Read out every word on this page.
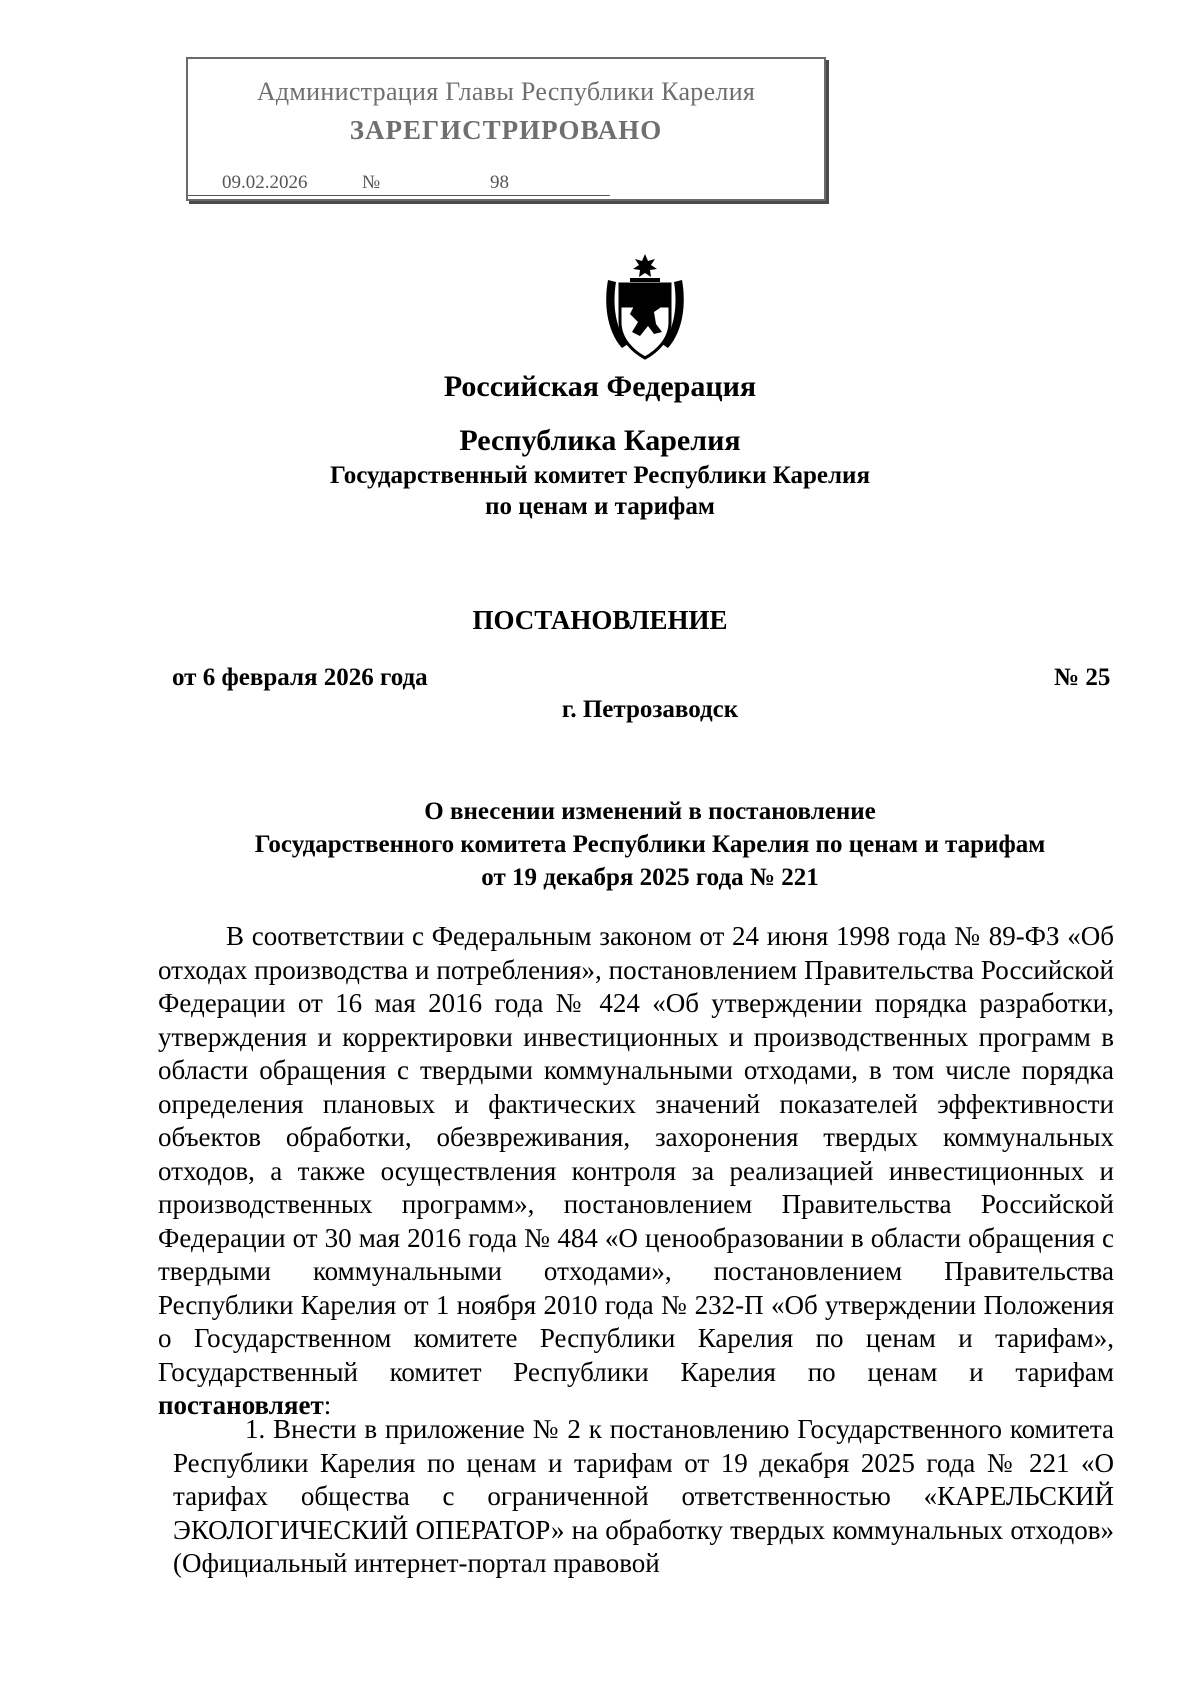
Администрация Главы Республики Карелия
ЗАРЕГИСТРИРОВАНО
09.02.2026	№	98
Российская Федерация
Республика Карелия
Государственный комитет Республики Карелия
по ценам и тарифам
ПОСТАНОВЛЕНИЕ
от 6 февраля 2026 года	№ 25
г. Петрозаводск
О внесении изменений в постановление
Государственного комитета Республики Карелия по ценам и тарифам
от 19 декабря 2025 года № 221

В соответствии с Федеральным законом от 24 июня 1998 года № 89-ФЗ «Об отходах производства и потребления», постановлением Правительства Российской Федерации от 16 мая 2016 года № 424 «Об утверждении порядка разработки, утверждения и корректировки инвестиционных и производственных программ в области обращения с твердыми коммунальными отходами, в том числе порядка определения плановых и фактических значений показателей эффективности объектов обработки, обезвреживания, захоронения твердых коммунальных отходов, а также осуществления контроля за реализацией инвестиционных и производственных программ», постановлением Правительства Российской Федерации от 30 мая 2016 года № 484 «О ценообразовании в области обращения с твердыми коммунальными отходами», постановлением Правительства Республики Карелия от 1 ноября 2010 года № 232-П «Об утверждении Положения о Государственном комитете Республики Карелия по ценам и тарифам», Государственный комитет Республики Карелия по ценам и тарифам постановляет:

1. Внести в приложение № 2 к постановлению Государственного комитета Республики Карелия по ценам и тарифам от 19 декабря 2025 года № 221 «О тарифах общества с ограниченной ответственностью «КАРЕЛЬСКИЙ ЭКОЛОГИЧЕСКИЙ ОПЕРАТОР» на обработку твердых коммунальных отходов» (Официальный интернет-портал правовой
